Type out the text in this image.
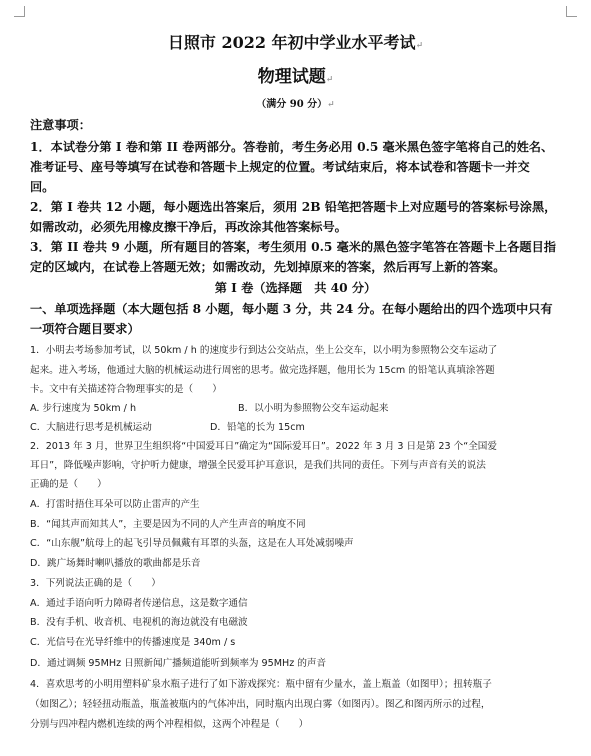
日照市 2022 年初中学业水平考试↵
物理试题↵
（满分 90 分）↵
注意事项：
1．本试卷分第 I 卷和第 II 卷两部分。答卷前，考生务必用 0.5 毫米黑色签字笔将自己的姓名、
准考证号、座号等填写在试卷和答题卡上规定的位置。考试结束后，将本试卷和答题卡一并交
回。
2．第 I 卷共 12 小题，每小题选出答案后，须用 2B 铅笔把答题卡上对应题号的答案标号涂黑，
如需改动，必须先用橡皮擦干净后，再改涂其他答案标号。
3．第 II 卷共 9 小题，所有题目的答案，考生须用 0.5 毫米的黑色签字笔答在答题卡上各题目指
定的区域内，在试卷上答题无效；如需改动，先划掉原来的答案，然后再写上新的答案。
第 I 卷（选择题　共 40 分）
一、单项选择题（本大题包括 8 小题，每小题 3 分，共 24 分。在每小题给出的四个选项中只有
一项符合题目要求）
1．小明去考场参加考试，以 50km / h 的速度步行到达公交站点，坐上公交车，以小明为参照物公交车运动了
起来。进入考场，他通过大脑的机械运动进行周密的思考。做完选择题，他用长为 15cm 的铅笔认真填涂答题
卡。文中有关描述符合物理事实的是（　　）
A. 步行速度为 50km / h	B．以小明为参照物公交车运动起来
C．大脑进行思考是机械运动	D．铅笔的长为 15cm
2．2013 年 3 月，世界卫生组织将“中国爱耳日”确定为“国际爱耳日”。2022 年 3 月 3 日是第 23 个“全国爱
耳日”，降低噪声影响，守护听力健康，增强全民爱耳护耳意识，是我们共同的责任。下列与声音有关的说法
正确的是（　　）
A．打雷时捂住耳朵可以防止雷声的产生
B．“闻其声而知其人”，主要是因为不同的人产生声音的响度不同
C．“山东舰”航母上的起飞引导员佩戴有耳罩的头盔，这是在人耳处减弱噪声
D．跳广场舞时喇叭播放的歌曲都是乐音
3．下列说法正确的是（　　）
A．通过手语向听力障碍者传递信息，这是数字通信
B．没有手机、收音机、电视机的海边就没有电磁波
C．光信号在光导纤维中的传播速度是 340m / s
D．通过调频 95MHz 日照新闻广播频道能听到频率为 95MHz 的声音
4．喜欢思考的小明用塑料矿泉水瓶子进行了如下游戏探究：瓶中留有少量水，盖上瓶盖（如图甲）；扭转瓶子
（如图乙）；轻轻扭动瓶盖，瓶盖被瓶内的气体冲出，同时瓶内出现白雾（如图丙）。图乙和图丙所示的过程，
分别与四冲程内燃机连续的两个冲程相似，这两个冲程是（　　）
